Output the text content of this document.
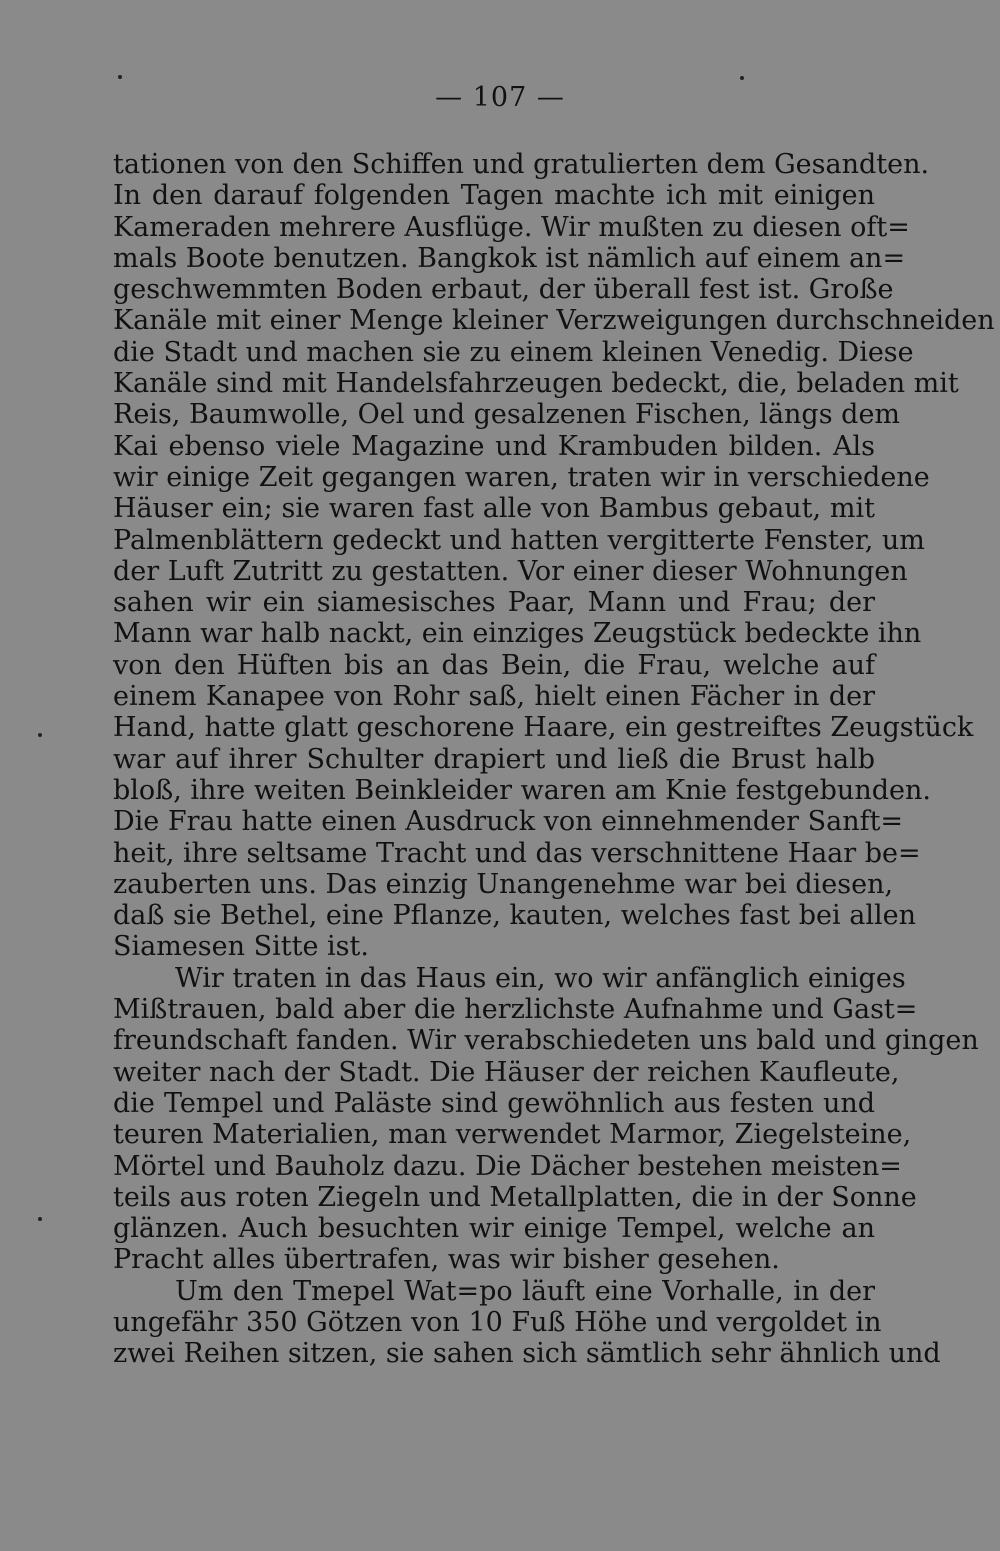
— 107 —
tationen von den Schiffen und gratulierten dem Gesandten.
In den darauf folgenden Tagen machte ich mit einigen
Kameraden mehrere Ausflüge. Wir mußten zu diesen oft=
mals Boote benutzen. Bangkok ist nämlich auf einem an=
geschwemmten Boden erbaut, der überall fest ist. Große
Kanäle mit einer Menge kleiner Verzweigungen durchschneiden
die Stadt und machen sie zu einem kleinen Venedig. Diese
Kanäle sind mit Handelsfahrzeugen bedeckt, die, beladen mit
Reis, Baumwolle, Oel und gesalzenen Fischen, längs dem
Kai ebenso viele Magazine und Krambuden bilden. Als
wir einige Zeit gegangen waren, traten wir in verschiedene
Häuser ein; sie waren fast alle von Bambus gebaut, mit
Palmenblättern gedeckt und hatten vergitterte Fenster, um
der Luft Zutritt zu gestatten. Vor einer dieser Wohnungen
sahen wir ein siamesisches Paar, Mann und Frau; der
Mann war halb nackt, ein einziges Zeugstück bedeckte ihn
von den Hüften bis an das Bein, die Frau, welche auf
einem Kanapee von Rohr saß, hielt einen Fächer in der
Hand, hatte glatt geschorene Haare, ein gestreiftes Zeugstück
war auf ihrer Schulter drapiert und ließ die Brust halb
bloß, ihre weiten Beinkleider waren am Knie festgebunden.
Die Frau hatte einen Ausdruck von einnehmender Sanft=
heit, ihre seltsame Tracht und das verschnittene Haar be=
zauberten uns. Das einzig Unangenehme war bei diesen,
daß sie Bethel, eine Pflanze, kauten, welches fast bei allen
Siamesen Sitte ist.
Wir traten in das Haus ein, wo wir anfänglich einiges
Mißtrauen, bald aber die herzlichste Aufnahme und Gast=
freundschaft fanden. Wir verabschiedeten uns bald und gingen
weiter nach der Stadt. Die Häuser der reichen Kaufleute,
die Tempel und Paläste sind gewöhnlich aus festen und
teuren Materialien, man verwendet Marmor, Ziegelsteine,
Mörtel und Bauholz dazu. Die Dächer bestehen meisten=
teils aus roten Ziegeln und Metallplatten, die in der Sonne
glänzen. Auch besuchten wir einige Tempel, welche an
Pracht alles übertrafen, was wir bisher gesehen.
Um den Tmepel Wat=po läuft eine Vorhalle, in der
ungefähr 350 Götzen von 10 Fuß Höhe und vergoldet in
zwei Reihen sitzen, sie sahen sich sämtlich sehr ähnlich und
